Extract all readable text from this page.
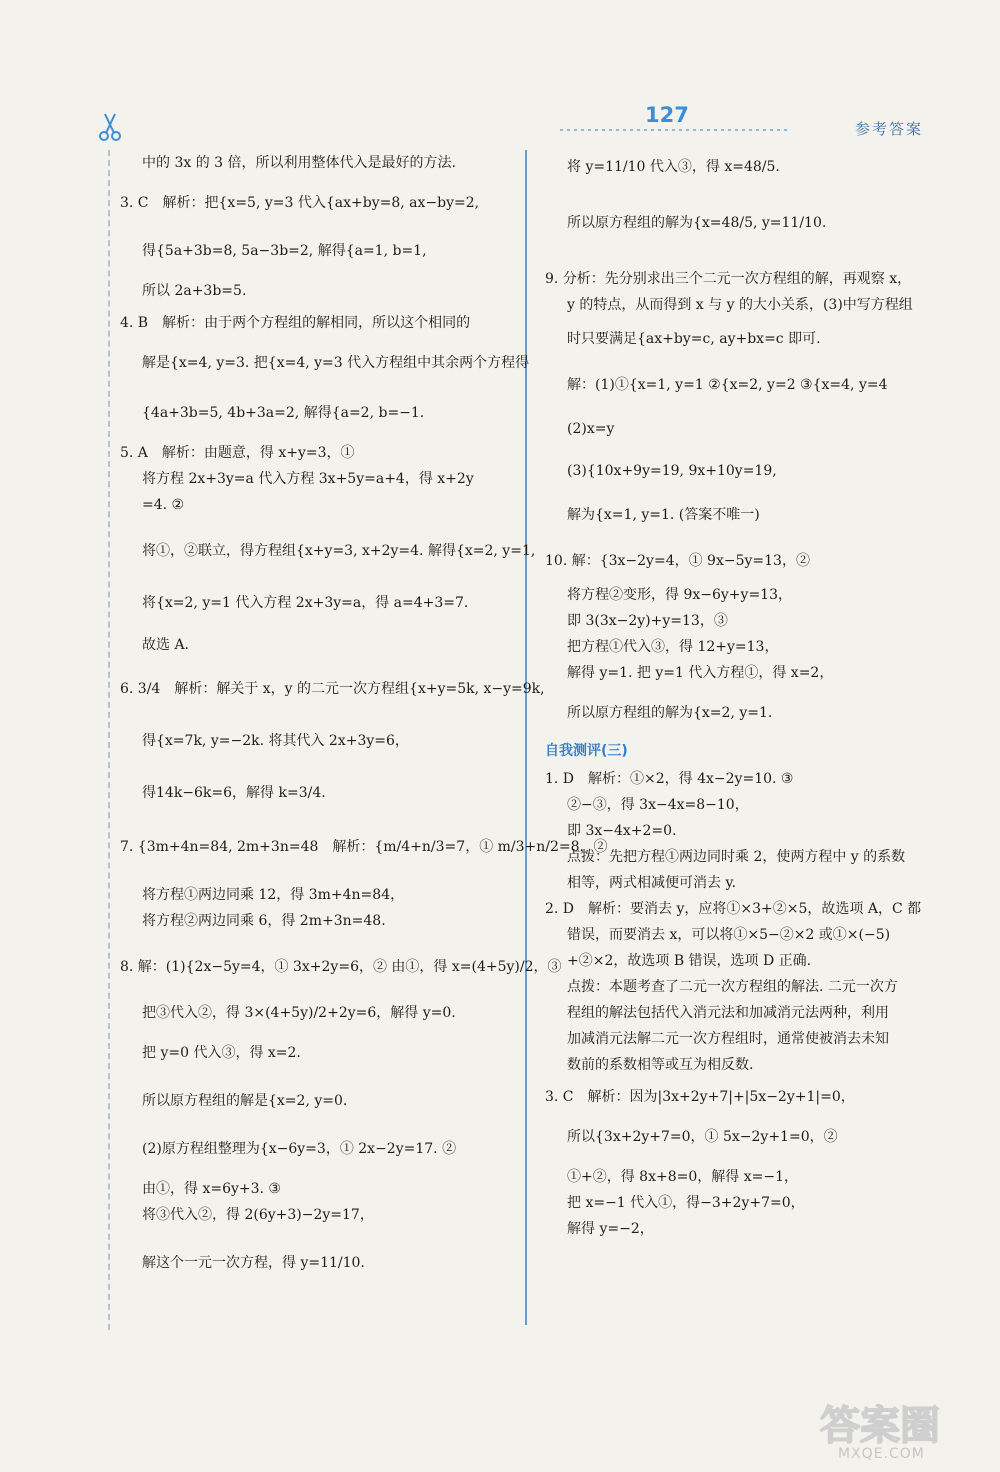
127
参考答案

中的 3x 的 3 倍，所以利用整体代入是最好的方法.

3. C　解析：把{x=5, y=3 代入{ax+by=8, ax−by=2,

得{5a+3b=8, 5a−3b=2, 解得{a=1, b=1,

所以 2a+3b=5.

4. B　解析：由于两个方程组的解相同，所以这个相同的

解是{x=4, y=3. 把{x=4, y=3 代入方程组中其余两个方程得

{4a+3b=5, 4b+3a=2, 解得{a=2, b=−1.

5. A　解析：由题意，得 x+y=3，①

将方程 2x+3y=a 代入方程 3x+5y=a+4，得 x+2y

=4. ②

将①，②联立，得方程组{x+y=3, x+2y=4. 解得{x=2, y=1,

将{x=2, y=1 代入方程 2x+3y=a，得 a=4+3=7.

故选 A.

6. 3/4　解析：解关于 x，y 的二元一次方程组{x+y=5k, x−y=9k,

得{x=7k, y=−2k. 将其代入 2x+3y=6，

得14k−6k=6，解得 k=3/4.

7. {3m+4n=84, 2m+3n=48　解析：{m/4+n/3=7，① m/3+n/2=8，②

将方程①两边同乘 12，得 3m+4n=84，

将方程②两边同乘 6，得 2m+3n=48.

8. 解：(1){2x−5y=4，① 3x+2y=6，② 由①，得 x=(4+5y)/2，③

把③代入②，得 3×(4+5y)/2+2y=6，解得 y=0.

把 y=0 代入③，得 x=2.

所以原方程组的解是{x=2, y=0.

(2)原方程组整理为{x−6y=3，① 2x−2y=17. ②

由①，得 x=6y+3. ③

将③代入②，得 2(6y+3)−2y=17，

解这个一元一次方程，得 y=11/10.

将 y=11/10 代入③，得 x=48/5.

所以原方程组的解为{x=48/5, y=11/10.

9. 分析：先分别求出三个二元一次方程组的解，再观察 x，

y 的特点，从而得到 x 与 y 的大小关系，(3)中写方程组

时只要满足{ax+by=c, ay+bx=c 即可.

解：(1)①{x=1, y=1 ②{x=2, y=2 ③{x=4, y=4

(2)x=y

(3){10x+9y=19, 9x+10y=19,

解为{x=1, y=1. (答案不唯一)

10. 解：{3x−2y=4，① 9x−5y=13，②

将方程②变形，得 9x−6y+y=13，

即 3(3x−2y)+y=13，③

把方程①代入③，得 12+y=13，

解得 y=1. 把 y=1 代入方程①，得 x=2，

所以原方程组的解为{x=2, y=1.

自我测评(三)

1. D　解析：①×2，得 4x−2y=10. ③

②−③，得 3x−4x=8−10，

即 3x−4x+2=0.

点拨：先把方程①两边同时乘 2，使两方程中 y 的系数

相等，两式相减便可消去 y.

2. D　解析：要消去 y，应将①×3+②×5，故选项 A，C 都

错误，而要消去 x，可以将①×5−②×2 或①×(−5)

+②×2，故选项 B 错误，选项 D 正确.

点拨：本题考查了二元一次方程组的解法. 二元一次方

程组的解法包括代入消元法和加减消元法两种，利用

加减消元法解二元一次方程组时，通常使被消去未知

数前的系数相等或互为相反数.

3. C　解析：因为|3x+2y+7|+|5x−2y+1|=0，

所以{3x+2y+7=0，① 5x−2y+1=0，②

①+②，得 8x+8=0，解得 x=−1，

把 x=−1 代入①，得−3+2y+7=0，

解得 y=−2，

答案圈
MXQE.COM
